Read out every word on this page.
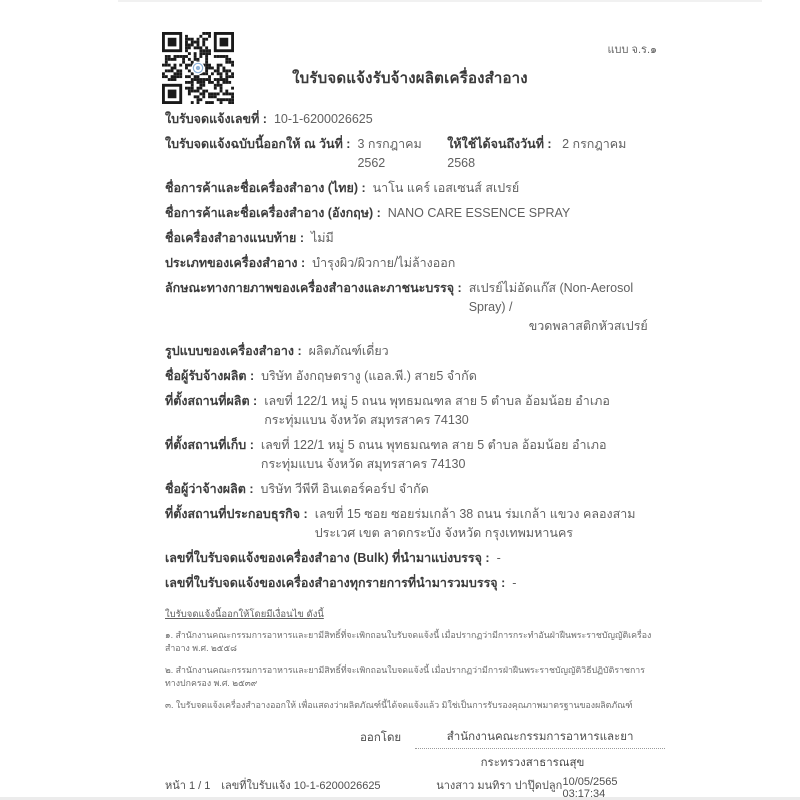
แบบ จ.ร.๑
ใบรับจดแจ้งรับจ้างผลิตเครื่องสำอาง
ใบรับจดแจ้งเลขที่ : 10-1-6200026625
ใบรับจดแจ้งฉบับนี้ออกให้ ณ วันที่ : 3 กรกฎาคม 2562
ให้ใช้ได้จนถึงวันที่ : 2 กรกฎาคม 2568
ชื่อการค้าและชื่อเครื่องสำอาง (ไทย) : นาโน แคร์ เอสเซนส์ สเปรย์
ชื่อการค้าและชื่อเครื่องสำอาง (อังกฤษ) : NANO CARE ESSENCE SPRAY
ชื่อเครื่องสำอางแนบท้าย : ไม่มี
ประเภทของเครื่องสำอาง : บำรุงผิว/ผิวกาย/ไม่ล้างออก
ลักษณะทางกายภาพของเครื่องสำอางและภาชนะบรรจุ : สเปรย์ไม่อัดแก๊ส (Non-Aerosol Spray) /
ขวดพลาสติกหัวสเปรย์
รูปแบบของเครื่องสำอาง : ผลิตภัณฑ์เดี่ยว
ชื่อผู้รับจ้างผลิต : บริษัท อังกฤษตรางู (แอล.พี.) สาย5 จำกัด
ที่ตั้งสถานที่ผลิต : เลขที่ 122/1 หมู่ 5 ถนน พุทธมณฑล สาย 5 ตำบล อ้อมน้อย อำเภอ กระทุ่มแบน จังหวัด สมุทรสาคร 74130
ที่ตั้งสถานที่เก็บ : เลขที่ 122/1 หมู่ 5 ถนน พุทธมณฑล สาย 5 ตำบล อ้อมน้อย อำเภอ กระทุ่มแบน จังหวัด สมุทรสาคร 74130
ชื่อผู้ว่าจ้างผลิต : บริษัท วีพีที อินเตอร์คอร์ป จำกัด
ที่ตั้งสถานที่ประกอบธุรกิจ : เลขที่ 15 ซอย ซอยร่มเกล้า 38 ถนน ร่มเกล้า แขวง คลองสามประเวศ เขต ลาดกระบัง จังหวัด กรุงเทพมหานคร
เลขที่ใบรับจดแจ้งของเครื่องสำอาง (Bulk) ที่นำมาแบ่งบรรจุ : -
เลขที่ใบรับจดแจ้งของเครื่องสำอางทุกรายการที่นำมารวมบรรจุ : -
ใบรับจดแจ้งนี้ออกให้โดยมีเงื่อนไข ดังนี้
๑. สำนักงานคณะกรรมการอาหารและยามีสิทธิ์ที่จะเพิกถอนใบรับจดแจ้งนี้ เมื่อปรากฏว่ามีการกระทำอันฝ่าฝืนพระราชบัญญัติเครื่องสำอาง พ.ศ. ๒๕๕๘
๒. สำนักงานคณะกรรมการอาหารและยามีสิทธิ์ที่จะเพิกถอนใบจดแจ้งนี้ เมื่อปรากฏว่ามีการฝ่าฝืนพระราชบัญญัติวิธีปฏิบัติราชการทางปกครอง พ.ศ. ๒๕๓๙
๓. ใบรับจดแจ้งเครื่องสำอางออกให้ เพื่อแสดงว่าผลิตภัณฑ์นี้ได้จดแจ้งแล้ว มิใช่เป็นการรับรองคุณภาพมาตรฐานของผลิตภัณฑ์
ออกโดย	สำนักงานคณะกรรมการอาหารและยา
กระทรวงสาธารณสุข
หน้า 1 / 1 เลขที่ใบรับแจ้ง 10-1-6200026625	นางสาว มนทิรา ปาปุ๊ดปลูก 10/05/2565 03:17:34
